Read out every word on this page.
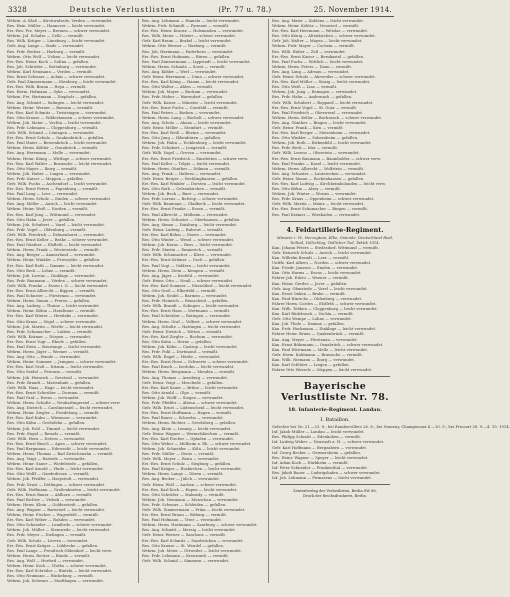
3328	Deutsche Verlustlisten	(Pr. 77 u. 78.)	25. November 1914.
Wehrm. A. Klaß — Kirchwalsede, Verden — verwundet.
Res. Hein. Müller — Hannover — leicht verwundet.
Ers.-Res. Frz. Meyer — Bremen — schwer verwundet.
Wehrm. Jul. Schulze — Celle — vermißt.
Res. Wilh. Krüger — Lüneburg — leicht verwundet.
Gefr. Aug. Lange — Stade — verwundet.
Res. Frdr. Becker — Harburg — vermißt.
Wehrm. Otto Wolf — Uelzen — leicht verwundet.
Ers.-Res. Heinr. Koch — Soltau — gefallen.
Res. Joh. Schröder — Rotenburg — verwundet.
Wehrm. Karl Neumann — Verden — vermißt.
Res. Ernst Schwarz — Achim — schwer verwundet.
Gefr. Paul Zimmermann — Nienburg — leicht verwundet.
Ers.-Res. Wilh. Braun — Hoya — vermißt.
Res. Herm. Hofmann — Syke — verwundet.
Wehrm. Frz. Hartmann — Diepholz — gefallen.
Res. Aug. Schmitt — Sulingen — leicht verwundet.
Wehrm. Heinr. Werner — Bassum — vermißt.
Ers.-Res. Karl Schmitz — Twistringen — verwundet.
Res. Otto Krause — Wildeshausen — schwer verwundet.
Wehrm. Joh. Meier — Vechta — leicht verwundet.
Res. Frdr. Lehmann — Cloppenburg — vermißt.
Gefr. Wilh. Schmid — Löningen — verwundet.
Ers.-Res. Ernst Schulz — Quakenbrück — gefallen.
Res. Paul Maier — Bersenbrück — leicht verwundet.
Wehrm. Herm. Köhler — Osnabrück — vermißt.
Res. Aug. Herrmann — Melle — verwundet.
Wehrm. Heinr. König — Wittlage — schwer verwundet.
Ers.-Res. Karl Walter — Bramsche — leicht verwundet.
Res. Otto Mayer — Iburg — vermißt.
Wehrm. Joh. Huber — Lingen — verwundet.
Res. Frdr. Kaiser — Meppen — gefallen.
Gefr. Wilh. Fuchs — Aschendorf — leicht verwundet.
Ers.-Res. Ernst Peters — Papenburg — vermißt.
Res. Paul Lang — Leer — verwundet.
Wehrm. Herm. Scholz — Emden — schwer verwundet.
Res. Aug. Möller — Aurich — leicht verwundet.
Wehrm. Heinr. Weiß — Norden — vermißt.
Ers.-Res. Karl Jung — Wittmund — verwundet.
Res. Otto Hahn — Jever — gefallen.
Wehrm. Joh. Schubert — Varel — leicht verwundet.
Res. Frdr. Vogel — Oldenburg — vermißt.
Gefr. Wilh. Friedrich — Delmenhorst — verwundet.
Ers.-Res. Ernst Keller — Brake — schwer verwundet.
Res. Paul Günther — Elsfleth — leicht verwundet.
Wehrm. Herm. Frank — Westerstede — vermißt.
Res. Aug. Berger — Ammerland — verwundet.
Wehrm. Heinr. Winkler — Friesoythe — gefallen.
Ers.-Res. Karl Roth — Damme — leicht verwundet.
Res. Otto Beck — Lohne — vermißt.
Wehrm. Joh. Lorenz — Dinklage — verwundet.
Res. Frdr. Baumann — Vörden — schwer verwundet.
Gefr. Wilh. Franke — Essen i. O. — leicht verwundet.
Ers.-Res. Ernst Albrecht — Bippen — vermißt.
Res. Paul Schuster — Fürstenau — verwundet.
Wehrm. Herm. Simon — Freren — gefallen.
Res. Aug. Ludwig — Thuine — leicht verwundet.
Wehrm. Heinr. Böhm — Haselünne — vermißt.
Ers.-Res. Karl Winter — Herzlake — verwundet.
Res. Otto Kraus — Sögel — schwer verwundet.
Wehrm. Joh. Martin — Werlte — leicht verwundet.
Res. Frdr. Schumacher — Lathen — vermißt.
Gefr. Wilh. Krämer — Dörpen — verwundet.
Ers.-Res. Ernst Vogt — Rhede — gefallen.
Res. Paul Stein — Bourtange — leicht verwundet.
Wehrm. Herm. Jäger — Weener — vermißt.
Res. Aug. Otto — Bunde — verwundet.
Wehrm. Heinr. Sommer — Jemgum — schwer verwundet.
Ers.-Res. Karl Groß — Ditzum — leicht verwundet.
Res. Otto Seidel — Pewsum — vermißt.
Wehrm. Joh. Heinrich — Greetsiel — verwundet.
Res. Frdr. Brandt — Marienhafe — gefallen.
Gefr. Wilh. Haas — Hage — leicht verwundet.
Ers.-Res. Ernst Schreiber — Dornum — vermißt.
Res. Paul Graf — Esens — verwundet.
Wehrm. Herm. Schulte — Neuharlingersiel — schwer verw.
Res. Aug. Dietrich — Carolinensiel — leicht verwundet.
Wehrm. Heinr. Ziegler — Friedeburg — vermißt.
Ers.-Res. Karl Kuhn — Wiesmoor — verwundet.
Res. Otto Kühn — Großefehn — gefallen.
Wehrm. Joh. Pohl — Timmel — leicht verwundet.
Res. Frdr. Engel — Remels — vermißt.
Gefr. Wilh. Horn — Detern — verwundet.
Ers.-Res. Ernst Busch — Apen — schwer verwundet.
Res. Paul Bergmann — Edewecht — leicht verwundet.
Wehrm. Herm. Thomas — Bad Zwischenahn — vermißt.
Res. Aug. Voigt — Rastede — verwundet.
Wehrm. Heinr. Sauer — Wiefelstede — gefallen.
Ers.-Res. Karl Arnold — Hude — leicht verwundet.
Res. Otto Wolff — Ganderkesee — vermißt.
Wehrm. Joh. Pfeiffer — Harpstedt — verwundet.
Res. Frdr. Ernst — Dötlingen — schwer verwundet.
Gefr. Wilh. Hoffmann — Großenkneten — leicht verwundet.
Ers.-Res. Ernst Bauer — Ahlhorn — vermißt.
Res. Paul Richter — Visbek — verwundet.
Wehrm. Herm. Klein — Goldenstedt — gefallen.
Res. Aug. Wagner — Barnstorf — leicht verwundet.
Wehrm. Heinr. Fischer — Wagenfeld — vermißt.
Ers.-Res. Karl Weber — Rahden — verwundet.
Res. Otto Schneider — Lemförde — schwer verwundet.
Wehrm. Joh. Müller — Stemwede — leicht verwundet.
Res. Frdr. Meyer — Dielingen — vermißt.
Gefr. Wilh. Schulz — Levern — verwundet.
Ers.-Res. Ernst Krüger — Lübbecke — gefallen.
Res. Paul Lange — Preußisch Oldendorf — leicht verw.
Wehrm. Herm. Becker — Bünde — vermißt.
Res. Aug. Wolf — Herford — verwundet.
Wehrm. Heinr. Koch — Vlotho — schwer verwundet.
Ers.-Res. Karl Schröder — Rinteln — leicht verwundet.
Res. Otto Neumann — Bückeburg — vermißt.
Wehrm. Joh. Schwarz — Stadthagen — verwundet.
Res. Aug. Lehmann — Hameln — leicht verwundet.
Wehrm. Frdr. Schmidt — Pyrmont — vermißt.
Ers.-Res. Heinr. Krause — Holzminden — verwundet.
Res. Wilh. Meier — Höxter — schwer verwundet.
Gefr. Karl Braun — Brakel — leicht verwundet.
Wehrm. Otto Werner — Warburg — vermißt.
Res. Joh. Hartmann — Paderborn — verwundet.
Ers.-Res. Ernst Hofmann — Büren — gefallen.
Res. Paul Zimmermann — Lippstadt — leicht verwundet.
Wehrm. Herm. Schmitz — Soest — vermißt.
Res. Aug. Köhler — Werl — verwundet.
Gefr. Heinr. Herrmann — Unna — schwer verwundet.
Ers.-Res. Karl König — Hamm — leicht verwundet.
Res. Otto Walter — Ahlen — vermißt.
Wehrm. Joh. Mayer — Beckum — verwundet.
Res. Frdr. Huber — Warendorf — gefallen.
Gefr. Wilh. Kaiser — Münster — leicht verwundet.
Ers.-Res. Ernst Fuchs — Coesfeld — vermißt.
Res. Paul Peters — Borken — verwundet.
Wehrm. Herm. Lang — Bocholt — schwer verwundet.
Res. Aug. Scholz — Ahaus — leicht verwundet.
Gefr. Heinr. Möller — Steinfurt — vermißt.
Ers.-Res. Karl Weiß — Rheine — verwundet.
Res. Otto Jung — Ibbenbüren — gefallen.
Wehrm. Joh. Hahn — Tecklenburg — leicht verwundet.
Res. Frdr. Schubert — Lengerich — vermißt.
Gefr. Wilh. Vogel — Greven — verwundet.
Ers.-Res. Ernst Friedrich — Emsdetten — schwer verw.
Res. Paul Keller — Telgte — leicht verwundet.
Wehrm. Herm. Günther — Dülmen — vermißt.
Res. Aug. Frank — Haltern — verwundet.
Gefr. Heinr. Berger — Recklinghausen — gefallen.
Ers.-Res. Karl Winkler — Dorsten — leicht verwundet.
Res. Otto Roth — Gelsenkirchen — vermißt.
Wehrm. Joh. Beck — Buer — verwundet.
Res. Frdr. Lorenz — Bottrop — schwer verwundet.
Gefr. Wilh. Baumann — Gladbeck — leicht verwundet.
Ers.-Res. Ernst Franke — Essen — vermißt.
Res. Paul Albrecht — Mülheim — verwundet.
Wehrm. Herm. Schuster — Oberhausen — gefallen.
Res. Aug. Simon — Duisburg — leicht verwundet.
Gefr. Heinr. Ludwig — Ruhrort — vermißt.
Ers.-Res. Karl Böhm — Moers — verwundet.
Res. Otto Winter — Wesel — schwer verwundet.
Wehrm. Joh. Kraus — Rees — leicht verwundet.
Res. Frdr. Martin — Emmerich — vermißt.
Gefr. Wilh. Schumacher — Kleve — verwundet.
Ers.-Res. Ernst Krämer — Goch — gefallen.
Res. Paul Vogt — Geldern — leicht verwundet.
Wehrm. Herm. Stein — Kempen — vermißt.
Res. Aug. Jäger — Krefeld — verwundet.
Gefr. Heinr. Otto — Neuß — schwer verwundet.
Ers.-Res. Karl Sommer — Düsseldorf — leicht verwundet.
Res. Otto Groß — Elberfeld — vermißt.
Wehrm. Joh. Seidel — Barmen — verwundet.
Res. Frdr. Heinrich — Remscheid — gefallen.
Gefr. Wilh. Brandt — Solingen — leicht verwundet.
Ers.-Res. Ernst Haas — Mettmann — vermißt.
Res. Paul Schreiber — Ratingen — verwundet.
Wehrm. Herm. Graf — Velbert — schwer verwundet.
Res. Aug. Schulte — Hattingen — leicht verwundet.
Gefr. Heinr. Dietrich — Witten — vermißt.
Ers.-Res. Karl Ziegler — Bochum — verwundet.
Res. Otto Kuhn — Herne — gefallen.
Wehrm. Joh. Kühn — Castrop — leicht verwundet.
Res. Frdr. Pohl — Dortmund — vermißt.
Gefr. Wilh. Engel — Hörde — verwundet.
Ers.-Res. Ernst Horn — Schwerte — schwer verwundet.
Res. Paul Busch — Iserlohn — leicht verwundet.
Wehrm. Herm. Bergmann — Menden — vermißt.
Res. Aug. Thomas — Arnsberg — verwundet.
Gefr. Heinr. Voigt — Meschede — gefallen.
Ers.-Res. Karl Sauer — Brilon — leicht verwundet.
Res. Otto Arnold — Olpe — vermißt.
Wehrm. Joh. Wolff — Siegen — verwundet.
Res. Frdr. Pfeiffer — Altena — schwer verwundet.
Gefr. Wilh. Ernst — Lüdenscheid — leicht verwundet.
Ers.-Res. Ernst Hoffmann — Hagen — vermißt.
Res. Paul Bauer — Schwelm — verwundet.
Wehrm. Herm. Richter — Gevelsberg — gefallen.
Res. Aug. Klein — Lennep — leicht verwundet.
Gefr. Heinr. Wagner — Wermelskirchen — vermißt.
Ers.-Res. Karl Fischer — Opladen — verwundet.
Res. Otto Weber — Mülheim a. Rh. — schwer verwundet.
Wehrm. Joh. Schneider — Köln — leicht verwundet.
Res. Frdr. Müller — Deutz — vermißt.
Gefr. Wilh. Meyer — Bonn — verwundet.
Ers.-Res. Ernst Schulz — Siegburg — gefallen.
Res. Paul Krüger — Euskirchen — leicht verwundet.
Wehrm. Herm. Lange — Düren — vermißt.
Res. Aug. Becker — Jülich — verwundet.
Gefr. Heinr. Wolf — Aachen — schwer verwundet.
Ers.-Res. Karl Koch — Eupen — leicht verwundet.
Res. Otto Schröder — Malmedy — vermißt.
Wehrm. Joh. Neumann — Monschau — verwundet.
Res. Frdr. Schwarz — Schleiden — gefallen.
Gefr. Wilh. Zimmermann — Prüm — leicht verwundet.
Ers.-Res. Ernst Braun — Bitburg — vermißt.
Res. Paul Hofmann — Trier — verwundet.
Wehrm. Herm. Hartmann — Saarburg — schwer verwundet.
Res. Aug. Schmitt — Merzig — leicht verwundet.
Gefr. Heinr. Werner — Saarlouis — vermißt.
Ers.-Res. Karl Schmitz — Saarbrücken — verwundet.
Res. Otto Krause — St. Wendel — gefallen.
Wehrm. Joh. Meier — Ottweiler — leicht verwundet.
Res. Frdr. Lehmann — Kreuznach — vermißt.
Gefr. Wilh. Schmid — Simmern — verwundet.
Res. Aug. Maier — Koblenz — leicht verwundet.
Wehrm. Heinr. Köhler — Neuwied — vermißt.
Ers.-Res. Karl Herrmann — Wetzlar — verwundet.
Res. Otto König — Altenkirchen — schwer verwundet.
Gefr. Joh. Walter — Mayen — leicht verwundet.
Wehrm. Frdr. Mayer — Cochem — vermißt.
Res. Wilh. Huber — Zell — verwundet.
Ers.-Res. Ernst Kaiser — Bernkastel — gefallen.
Res. Paul Fuchs — Wittlich — leicht verwundet.
Wehrm. Herm. Peters — Daun — vermißt.
Res. Aug. Lang — Adenau — verwundet.
Gefr. Heinr. Scholz — Ahrweiler — schwer verwundet.
Ers.-Res. Karl Möller — Sinzig — leicht verwundet.
Res. Otto Weiß — Linz — vermißt.
Wehrm. Joh. Jung — Remagen — verwundet.
Res. Frdr. Hahn — Andernach — gefallen.
Gefr. Wilh. Schubert — Boppard — leicht verwundet.
Ers.-Res. Ernst Vogel — St. Goar — vermißt.
Res. Paul Friedrich — Oberwesel — verwundet.
Wehrm. Herm. Keller — Bacharach — schwer verwundet.
Res. Aug. Günther — Bingen — leicht verwundet.
Gefr. Heinr. Frank — Kirn — vermißt.
Ers.-Res. Karl Berger — Meisenheim — verwundet.
Res. Otto Winkler — Sobernheim — gefallen.
Wehrm. Joh. Roth — Birkenfeld — leicht verwundet.
Res. Frdr. Beck — Idar — vermißt.
Gefr. Wilh. Lorenz — Oberstein — verwundet.
Ers.-Res. Ernst Baumann — Baumholder — schwer verw.
Res. Paul Franke — Kusel — leicht verwundet.
Wehrm. Herm. Albrecht — Wolfstein — vermißt.
Res. Aug. Schuster — Lauterecken — verwundet.
Gefr. Heinr. Simon — Rockenhausen — gefallen.
Ers.-Res. Karl Ludwig — Kirchheimbolanden — leicht verw.
Res. Otto Böhm — Alzey — vermißt.
Wehrm. Joh. Winter — Worms — verwundet.
Res. Frdr. Kraus — Oppenheim — schwer verwundet.
Gefr. Wilh. Martin — Mainz — leicht verwundet.
Ers.-Res. Ernst Schumacher — Bingen — vermißt.
Res. Paul Krämer — Wiesbaden — verwundet.
4. Feldartillerie-Regiment.
Münster i. W., Herzogtum, Elbe, Ostende, Deutschland Ried, Teiltod, Vollschlag, Tödlicher Tod, Taktik 1914.
Kan. Johann Peters — Stedesdorf, Wittmund — vermißt.
Gefr. Heinrich Schulz — Aurich — leicht verwundet.
Kan. Wilhelm Brandt — Leer — vermißt.
Untffz. Karl Albers — Norden — schwer verwundet.
Kan. Friedr. Janssen — Emden — verwundet.
Kan. Otto Harms — Esens — leicht verwundet.
Fahrer Joh. Eilers — Weener — vermißt.
Kan. Heinr. Gerdes — Jever — gefallen.
Gefr. Aug. Ohmstede — Varel — leicht verwundet.
Kan. Ernst Onken — Brake — vermißt.
Kan. Paul Hinrichs — Oldenburg — verwundet.
Fahrer Herm. Cordes — Elsfleth — schwer verwundet.
Kan. Wilh. Tebben — Cloppenburg — leicht verwundet.
Kan. Karl Rüdebusch — Vechta — vermißt.
Gefr. Otto Wempe — Lohne — verwundet.
Kan. Joh. Thole — Damme — gefallen.
Kan. Frdr. Hackmann — Dinklage — leicht verwundet.
Fahrer Heinr. Bruns — Quakenbrück — vermißt.
Kan. Aug. Meyer — Fürstenau — verwundet.
Kan. Ernst Bührmann — Osnabrück — schwer verwundet.
Kan. Paul Wöstmann — Melle — leicht verwundet.
Gefr. Herm. Kuhlmann — Bramsche — vermißt.
Kan. Wilh. Niemann — Iburg — verwundet.
Kan. Karl Schlüter — Lingen — gefallen.
Fahrer Otto Wessels — Meppen — leicht verwundet.
Bayerische Verlustliste Nr. 78.
18. Infanterie-Regiment. Landau.
I. Bataillon.
Gefechte bei Vic 21.—23. 8.; bei Rambervillers 26. 8.; bei Nomeny, Champenoux 4.—10. 9.; bei Fricourt 28. 9.—4. 10. 1914.
Inf. Jakob Müller — Landau — leicht verwundet.
Res. Philipp Schmitt — Edenkoben — vermißt.
Inf. Ludwig Weber — Neustadt a. H. — schwer verwundet.
Gefr. Karl Hoffmann — Bergzabern — verwundet.
Inf. Georg Becker — Germersheim — gefallen.
Res. Heinr. Wagner — Speyer — leicht verwundet.
Inf. Adam Koch — Dürkheim — vermißt.
Inf. Peter Schneider — Frankenthal — verwundet.
Res. Jakob Bauer — Ludwigshafen — schwer verwundet.
Inf. Joh. Lehmann — Pirmasens — leicht verwundet.
Zentralverlag der Verlustlisten, Berlin SW 68,
Druck der Reichsdruckerei, Berlin.
